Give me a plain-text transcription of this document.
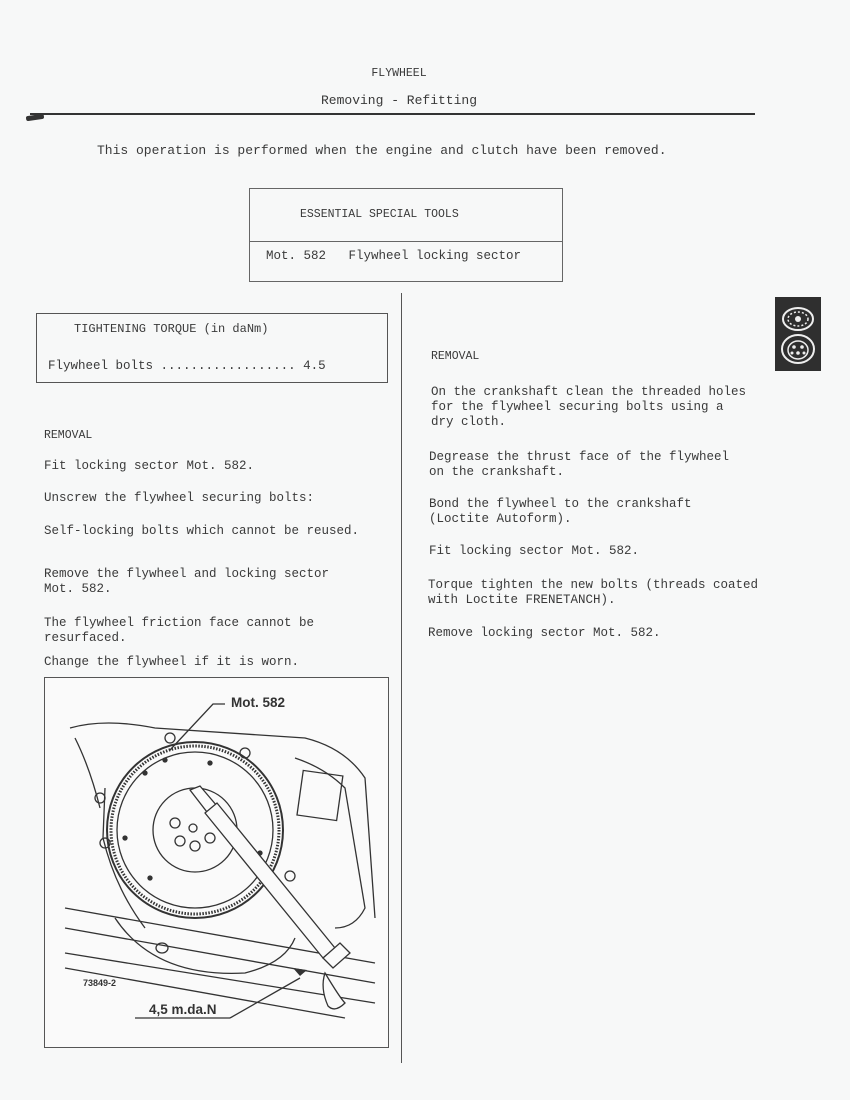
FLYWHEEL
Removing - Refitting
This operation is performed when the engine and clutch have been removed.
ESSENTIAL SPECIAL TOOLS
Mot. 582 Flywheel locking sector
TIGHTENING TORQUE (in daNm)
Flywheel bolts .................. 4.5
REMOVAL
Fit locking sector Mot. 582.
Unscrew the flywheel securing bolts:
Self-locking bolts which cannot be reused.
Remove the flywheel and locking sector
Mot. 582.
The flywheel friction face cannot be
resurfaced.
Change the flywheel if it is worn.
REMOVAL
On the crankshaft clean the threaded holes
for the flywheel securing bolts using a
dry cloth.
Degrease the thrust face of the flywheel
on the crankshaft.
Bond the flywheel to the crankshaft
(Loctite Autoform).
Fit locking sector Mot. 582.
Torque tighten the new bolts (threads coated
with Loctite FRENETANCH).
Remove locking sector Mot. 582.
Mot. 582
4,5 m.da.N
73849-2
